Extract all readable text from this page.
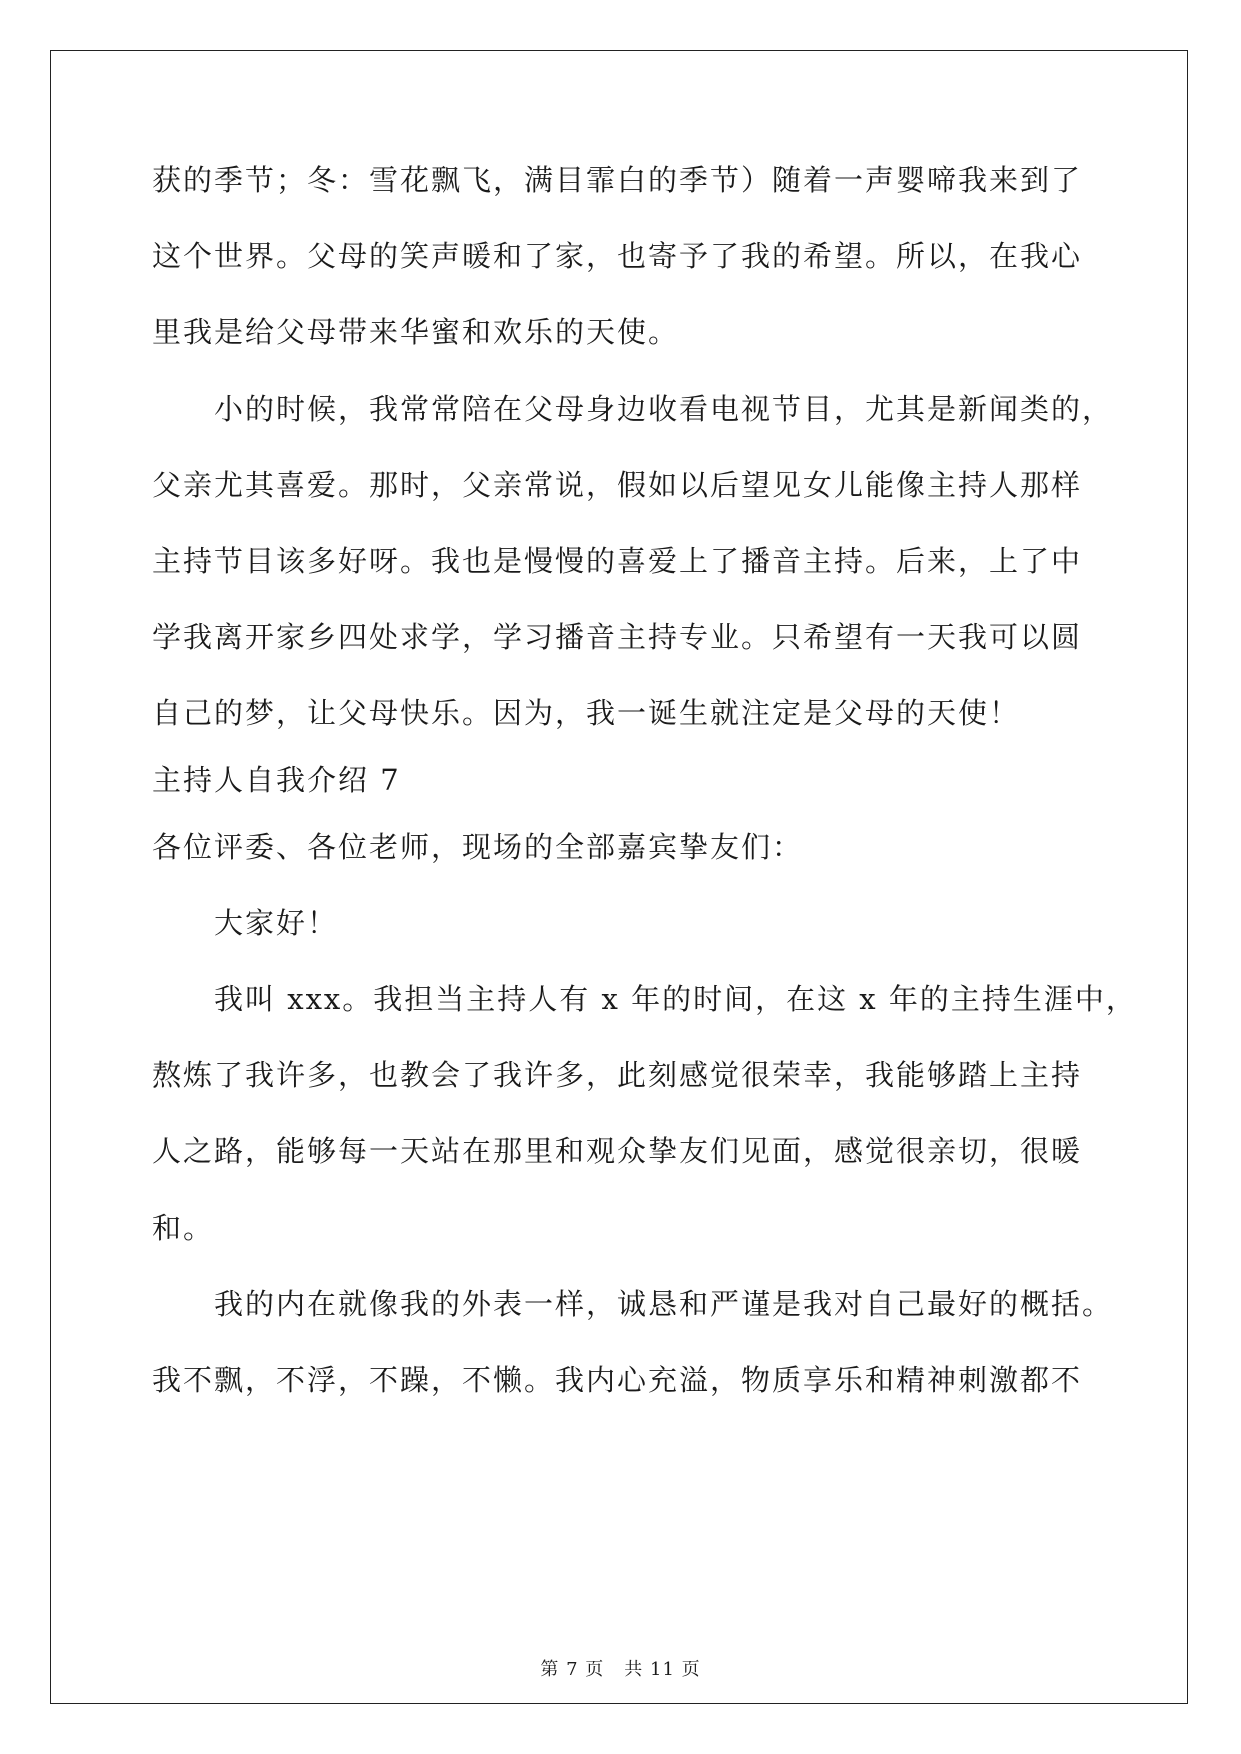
获的季节；冬：雪花飘飞，满目霏白的季节）随着一声婴啼我来到了
这个世界。父母的笑声暖和了家，也寄予了我的希望。所以，在我心
里我是给父母带来华蜜和欢乐的天使。
　　小的时候，我常常陪在父母身边收看电视节目，尤其是新闻类的，
父亲尤其喜爱。那时，父亲常说，假如以后望见女儿能像主持人那样
主持节目该多好呀。我也是慢慢的喜爱上了播音主持。后来，上了中
学我离开家乡四处求学，学习播音主持专业。只希望有一天我可以圆
自己的梦，让父母快乐。因为，我一诞生就注定是父母的天使！
主持人自我介绍 7
各位评委、各位老师，现场的全部嘉宾挚友们：
　　大家好！
　　我叫 xxx。我担当主持人有 x 年的时间，在这 x 年的主持生涯中，
熬炼了我许多，也教会了我许多，此刻感觉很荣幸，我能够踏上主持
人之路，能够每一天站在那里和观众挚友们见面，感觉很亲切，很暖
和。
　　我的内在就像我的外表一样，诚恳和严谨是我对自己最好的概括。
我不飘，不浮，不躁，不懒。我内心充溢，物质享乐和精神刺激都不
第 7 页 共 11 页
